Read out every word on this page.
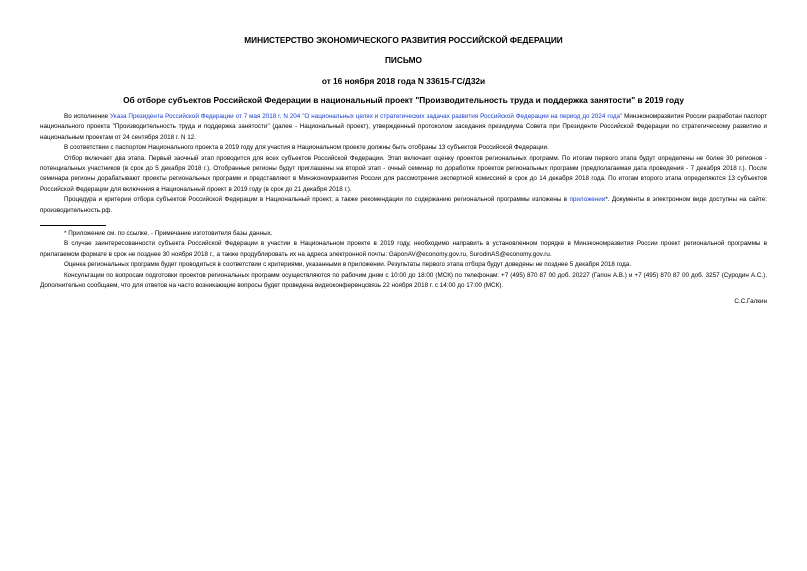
МИНИСТЕРСТВО ЭКОНОМИЧЕСКОГО РАЗВИТИЯ РОССИЙСКОЙ ФЕДЕРАЦИИ
ПИСЬМО
от 16 ноября 2018 года N 33615-ГС/Д32и
Об отборе субъектов Российской Федерации в национальный проект "Производительность труда и поддержка занятости" в 2019 году

Во исполнение Указа Президента Российской Федерации от 7 мая 2018 г. N 204 "О национальных целях и стратегических задачах развития Российской Федерации на период до 2024 года" Минэкономразвития России разработан паспорт национального проекта "Производительность труда и поддержка занятости" (далее - Национальный проект), утвержденный протоколом заседания президиума Совета при Президенте Российской Федерации по стратегическому развитию и национальным проектам от 24 сентября 2018 г. N 12.

В соответствии с паспортом Национального проекта в 2019 году для участия в Национальном проекте должны быть отобраны 13 субъектов Российской Федерации.

Отбор включает два этапа. Первый заочный этап проводится для всех субъектов Российской Федерации. Этап включает оценку проектов региональных программ. По итогам первого этапа будут определены не более 30 регионов - потенциальных участников (в срок до 5 декабря 2018 г.). Отобранные регионы будут приглашены на второй этап - очный семинар по доработке проектов региональных программ (предполагаемая дата проведения - 7 декабря 2018 г.). После семинара регионы дорабатывают проекты региональных программ и представляют в Минэкономразвития России для рассмотрения экспертной комиссией в срок до 14 декабря 2018 года. По итогам второго этапа определяются 13 субъектов Российской Федерации для включения в Национальный проект в 2019 году (в срок до 21 декабря 2018 г.).

Процедура и критерии отбора субъектов Российской Федерации в Национальный проект, а также рекомендации по содержанию региональной программы изложены в приложении*. Документы в электронном виде доступны на сайте: производительность.рф.

* Приложение см. по ссылке. - Примечание изготовителя базы данных.

В случае заинтересованности субъекта Российской Федерации в участии в Национальном проекте в 2019 году, необходимо направить в установленном порядке в Минэкономразвития России проект региональной программы в прилагаемом формате в срок не позднее 30 ноября 2018 г., а также продублировать их на адреса электронной почты: GaponAV@economy.gov.ru, SurodinAS@economy.gov.ru.

Оценка региональных программ будет проводиться в соответствии с критериями, указанными в приложении. Результаты первого этапа отбора будут доведены не позднее 5 декабря 2018 года.

Консультации по вопросам подготовки проектов региональных программ осуществляются по рабочим дням с 10:00 до 18:00 (МСК) по телефонам: +7 (495) 870 87 00 доб. 20227 (Гапон А.В.) и +7 (495) 870 87 00 доб. 3257 (Суродин А.С.). Дополнительно сообщаем, что для ответов на часто возникающие вопросы будет проведена видеоконференцсвязь 22 ноября 2018 г. с 14:00 до 17:00 (МСК).

С.С.Галкин
